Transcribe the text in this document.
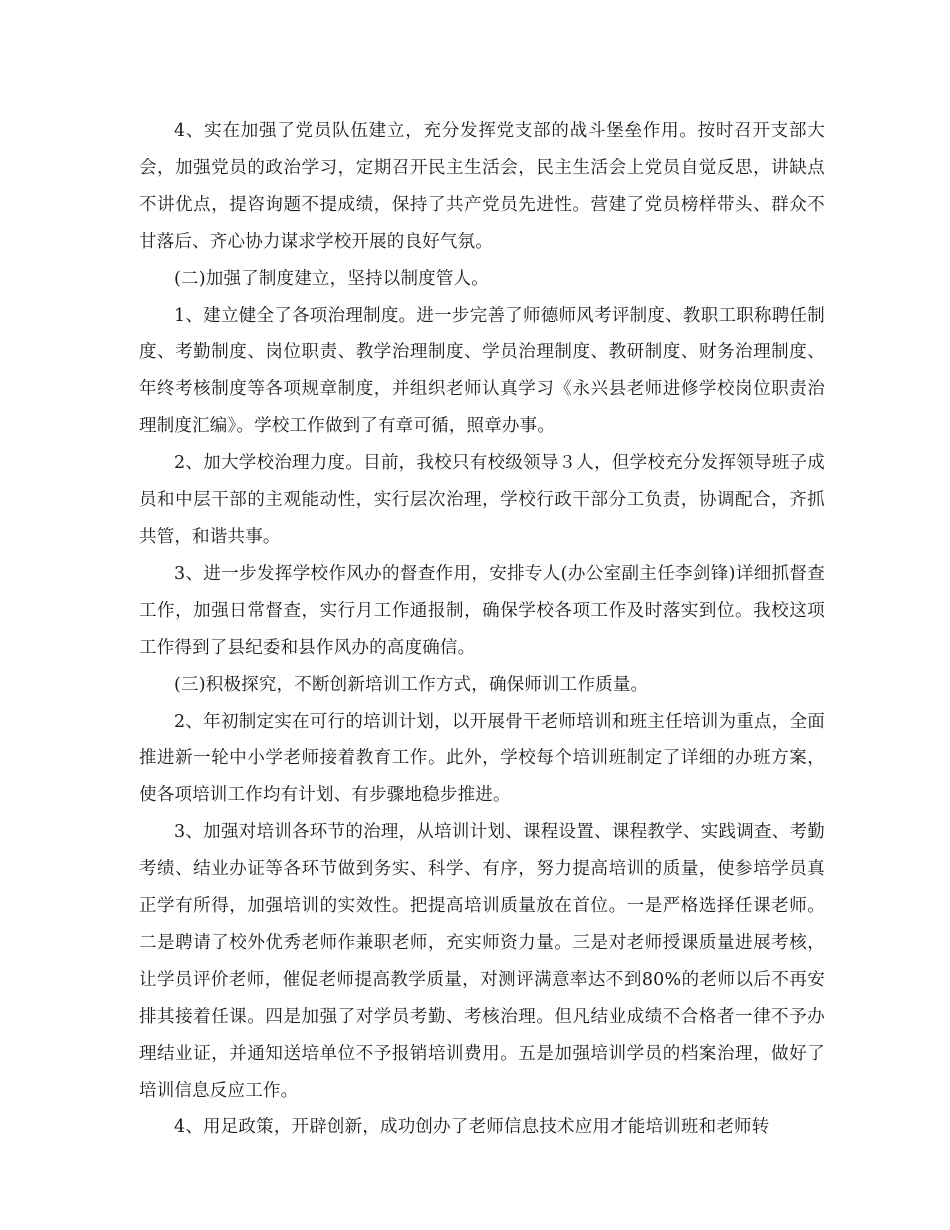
4、实在加强了党员队伍建立，充分发挥党支部的战斗堡垒作用。按时召开支部大会，加强党员的政治学习，定期召开民主生活会，民主生活会上党员自觉反思，讲缺点不讲优点，提咨询题不提成绩，保持了共产党员先进性。营建了党员榜样带头、群众不甘落后、齐心协力谋求学校开展的良好气氛。

(二)加强了制度建立，坚持以制度管人。

1、建立健全了各项治理制度。进一步完善了师德师风考评制度、教职工职称聘任制度、考勤制度、岗位职责、教学治理制度、学员治理制度、教研制度、财务治理制度、年终考核制度等各项规章制度，并组织老师认真学习《永兴县老师进修学校岗位职责治理制度汇编》。学校工作做到了有章可循，照章办事。

2、加大学校治理力度。目前，我校只有校级领导３人，但学校充分发挥领导班子成员和中层干部的主观能动性，实行层次治理，学校行政干部分工负责，协调配合，齐抓共管，和谐共事。

3、进一步发挥学校作风办的督查作用，安排专人(办公室副主任李剑锋)详细抓督查工作，加强日常督查，实行月工作通报制，确保学校各项工作及时落实到位。我校这项工作得到了县纪委和县作风办的高度确信。

(三)积极探究，不断创新培训工作方式，确保师训工作质量。

2、年初制定实在可行的培训计划，以开展骨干老师培训和班主任培训为重点，全面推进新一轮中小学老师接着教育工作。此外，学校每个培训班制定了详细的办班方案，使各项培训工作均有计划、有步骤地稳步推进。

3、加强对培训各环节的治理，从培训计划、课程设置、课程教学、实践调查、考勤考绩、结业办证等各环节做到务实、科学、有序，努力提高培训的质量，使参培学员真正学有所得，加强培训的实效性。把提高培训质量放在首位。一是严格选择任课老师。二是聘请了校外优秀老师作兼职老师，充实师资力量。三是对老师授课质量进展考核，让学员评价老师，催促老师提高教学质量，对测评满意率达不到80%的老师以后不再安排其接着任课。四是加强了对学员考勤、考核治理。但凡结业成绩不合格者一律不予办理结业证，并通知送培单位不予报销培训费用。五是加强培训学员的档案治理，做好了培训信息反应工作。

4、用足政策，开辟创新，成功创办了老师信息技术应用才能培训班和老师转
